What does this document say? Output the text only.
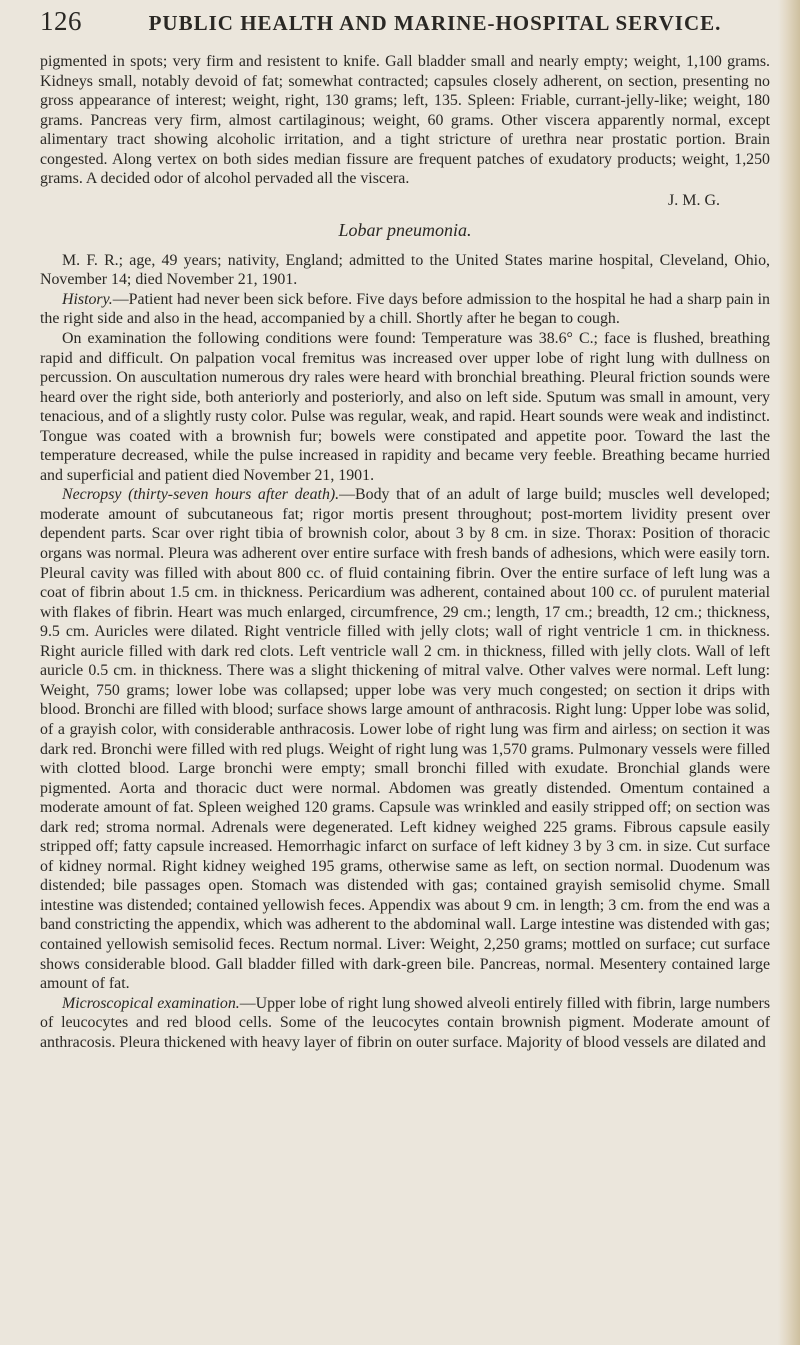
126	PUBLIC HEALTH AND MARINE-HOSPITAL SERVICE.

pigmented in spots; very firm and resistent to knife. Gall bladder small and nearly empty; weight, 1,100 grams. Kidneys small, notably devoid of fat; somewhat contracted; capsules closely adherent, on section, presenting no gross appearance of interest; weight, right, 130 grams; left, 135. Spleen: Friable, currant-jelly-like; weight, 180 grams. Pancreas very firm, almost cartilaginous; weight, 60 grams. Other viscera apparently normal, except alimentary tract showing alcoholic irritation, and a tight stricture of urethra near prostatic portion. Brain congested. Along vertex on both sides median fissure are frequent patches of exudatory products; weight, 1,250 grams. A decided odor of alcohol pervaded all the viscera.

J. M. G.
Lobar pneumonia.

M. F. R.; age, 49 years; nativity, England; admitted to the United States marine hospital, Cleveland, Ohio, November 14; died November 21, 1901.

History.—Patient had never been sick before. Five days before admission to the hospital he had a sharp pain in the right side and also in the head, accompanied by a chill. Shortly after he began to cough.

On examination the following conditions were found: Temperature was 38.6° C.; face is flushed, breathing rapid and difficult. On palpation vocal fremitus was increased over upper lobe of right lung with dullness on percussion. On auscultation numerous dry rales were heard with bronchial breathing. Pleural friction sounds were heard over the right side, both anteriorly and posteriorly, and also on left side. Sputum was small in amount, very tenacious, and of a slightly rusty color. Pulse was regular, weak, and rapid. Heart sounds were weak and indistinct. Tongue was coated with a brownish fur; bowels were constipated and appetite poor. Toward the last the temperature decreased, while the pulse increased in rapidity and became very feeble. Breathing became hurried and superficial and patient died November 21, 1901.

Necropsy (thirty-seven hours after death).—Body that of an adult of large build; muscles well developed; moderate amount of subcutaneous fat; rigor mortis present throughout; post-mortem lividity present over dependent parts. Scar over right tibia of brownish color, about 3 by 8 cm. in size. Thorax: Position of thoracic organs was normal. Pleura was adherent over entire surface with fresh bands of adhesions, which were easily torn. Pleural cavity was filled with about 800 cc. of fluid containing fibrin. Over the entire surface of left lung was a coat of fibrin about 1.5 cm. in thickness. Pericardium was adherent, contained about 100 cc. of purulent material with flakes of fibrin. Heart was much enlarged, circumfrence, 29 cm.; length, 17 cm.; breadth, 12 cm.; thickness, 9.5 cm. Auricles were dilated. Right ventricle filled with jelly clots; wall of right ventricle 1 cm. in thickness. Right auricle filled with dark red clots. Left ventricle wall 2 cm. in thickness, filled with jelly clots. Wall of left auricle 0.5 cm. in thickness. There was a slight thickening of mitral valve. Other valves were normal. Left lung: Weight, 750 grams; lower lobe was collapsed; upper lobe was very much congested; on section it drips with blood. Bronchi are filled with blood; surface shows large amount of anthracosis. Right lung: Upper lobe was solid, of a grayish color, with considerable anthracosis. Lower lobe of right lung was firm and airless; on section it was dark red. Bronchi were filled with red plugs. Weight of right lung was 1,570 grams. Pulmonary vessels were filled with clotted blood. Large bronchi were empty; small bronchi filled with exudate. Bronchial glands were pigmented. Aorta and thoracic duct were normal. Abdomen was greatly distended. Omentum contained a moderate amount of fat. Spleen weighed 120 grams. Capsule was wrinkled and easily stripped off; on section was dark red; stroma normal. Adrenals were degenerated. Left kidney weighed 225 grams. Fibrous capsule easily stripped off; fatty capsule increased. Hemorrhagic infarct on surface of left kidney 3 by 3 cm. in size. Cut surface of kidney normal. Right kidney weighed 195 grams, otherwise same as left, on section normal. Duodenum was distended; bile passages open. Stomach was distended with gas; contained grayish semisolid chyme. Small intestine was distended; contained yellowish feces. Appendix was about 9 cm. in length; 3 cm. from the end was a band constricting the appendix, which was adherent to the abdominal wall. Large intestine was distended with gas; contained yellowish semisolid feces. Rectum normal. Liver: Weight, 2,250 grams; mottled on surface; cut surface shows considerable blood. Gall bladder filled with dark-green bile. Pancreas, normal. Mesentery contained large amount of fat.

Microscopical examination.—Upper lobe of right lung showed alveoli entirely filled with fibrin, large numbers of leucocytes and red blood cells. Some of the leucocytes contain brownish pigment. Moderate amount of anthracosis. Pleura thickened with heavy layer of fibrin on outer surface. Majority of blood vessels are dilated and
